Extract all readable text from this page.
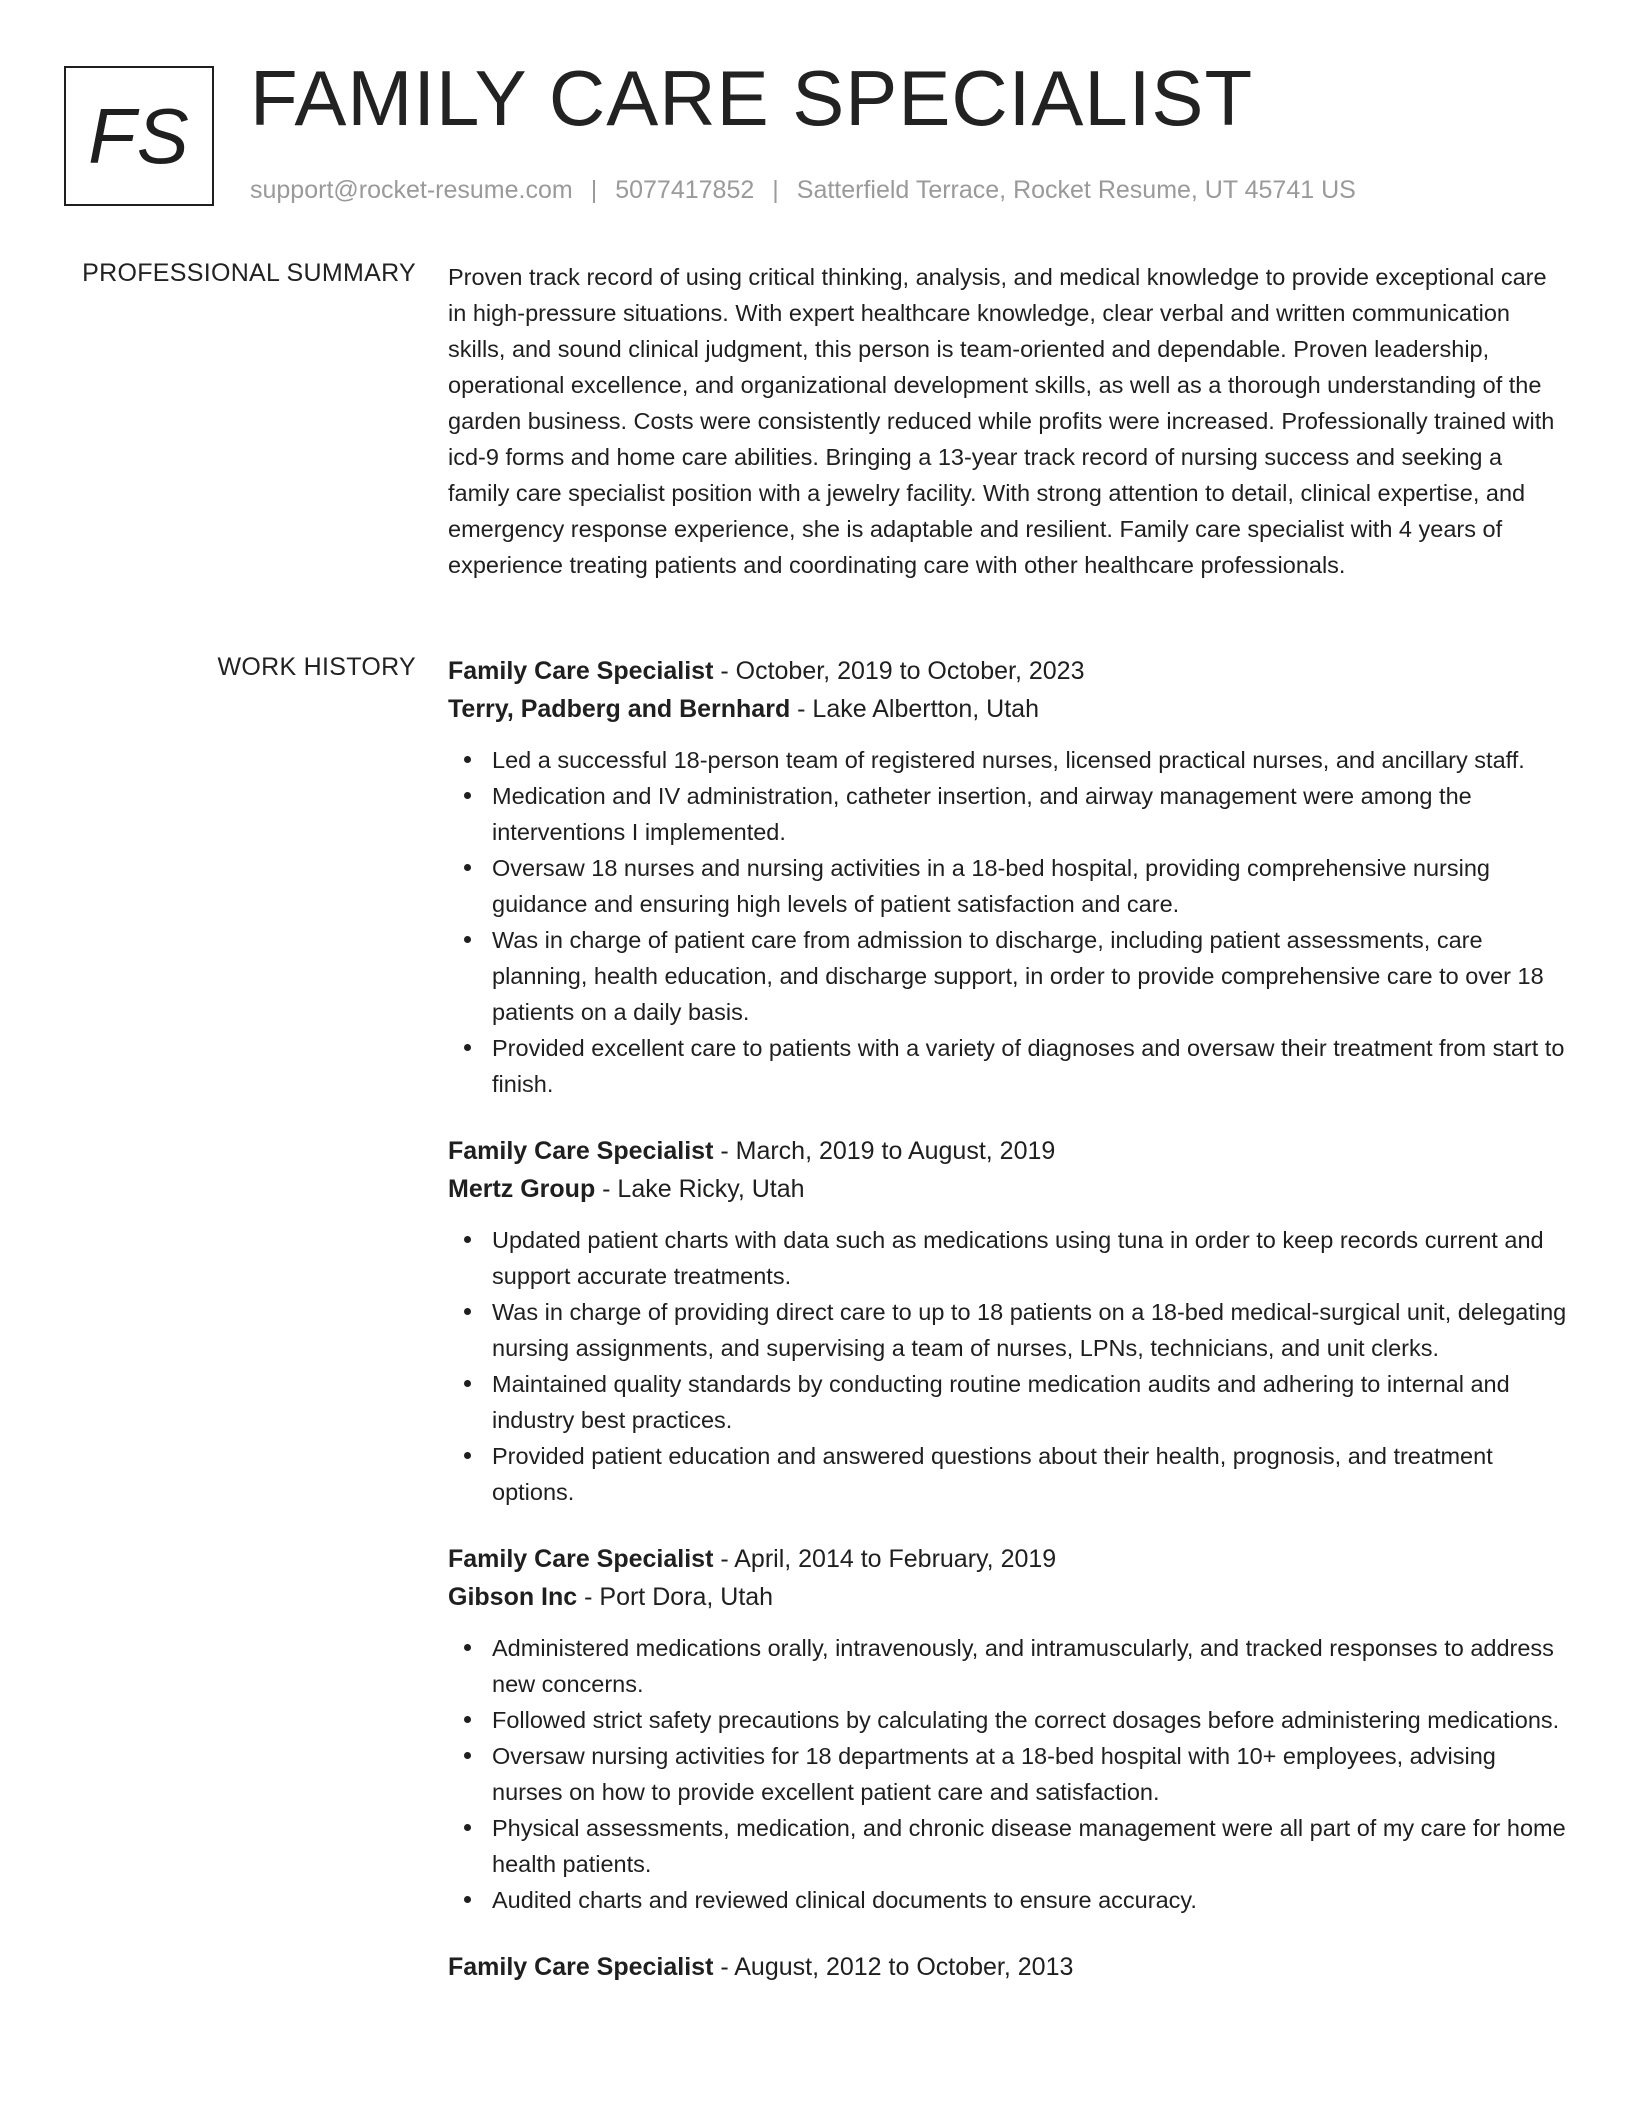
FS FAMILY CARE SPECIALIST
support@rocket-resume.com | 5077417852 | Satterfield Terrace, Rocket Resume, UT 45741 US
PROFESSIONAL SUMMARY Proven track record of using critical thinking, analysis, and medical knowledge to provide exceptional care in high-pressure situations. With expert healthcare knowledge, clear verbal and written communication skills, and sound clinical judgment, this person is team-oriented and dependable. Proven leadership, operational excellence, and organizational development skills, as well as a thorough understanding of the garden business. Costs were consistently reduced while profits were increased. Professionally trained with icd-9 forms and home care abilities. Bringing a 13-year track record of nursing success and seeking a family care specialist position with a jewelry facility. With strong attention to detail, clinical expertise, and emergency response experience, she is adaptable and resilient. Family care specialist with 4 years of experience treating patients and coordinating care with other healthcare professionals.

WORK HISTORY Family Care Specialist - October, 2019 to October, 2023
Terry, Padberg and Bernhard - Lake Albertton, Utah
Led a successful 18-person team of registered nurses, licensed practical nurses, and ancillary staff.
Medication and IV administration, catheter insertion, and airway management were among the interventions I implemented.
Oversaw 18 nurses and nursing activities in a 18-bed hospital, providing comprehensive nursing guidance and ensuring high levels of patient satisfaction and care.
Was in charge of patient care from admission to discharge, including patient assessments, care planning, health education, and discharge support, in order to provide comprehensive care to over 18 patients on a daily basis.
Provided excellent care to patients with a variety of diagnoses and oversaw their treatment from start to finish.
Family Care Specialist - March, 2019 to August, 2019
Mertz Group - Lake Ricky, Utah
Updated patient charts with data such as medications using tuna in order to keep records current and support accurate treatments.
Was in charge of providing direct care to up to 18 patients on a 18-bed medical-surgical unit, delegating nursing assignments, and supervising a team of nurses, LPNs, technicians, and unit clerks.
Maintained quality standards by conducting routine medication audits and adhering to internal and industry best practices.
Provided patient education and answered questions about their health, prognosis, and treatment options.
Family Care Specialist - April, 2014 to February, 2019
Gibson Inc - Port Dora, Utah
Administered medications orally, intravenously, and intramuscularly, and tracked responses to address new concerns.
Followed strict safety precautions by calculating the correct dosages before administering medications.
Oversaw nursing activities for 18 departments at a 18-bed hospital with 10+ employees, advising nurses on how to provide excellent patient care and satisfaction.
Physical assessments, medication, and chronic disease management were all part of my care for home health patients.
Audited charts and reviewed clinical documents to ensure accuracy.
Family Care Specialist - August, 2012 to October, 2013
